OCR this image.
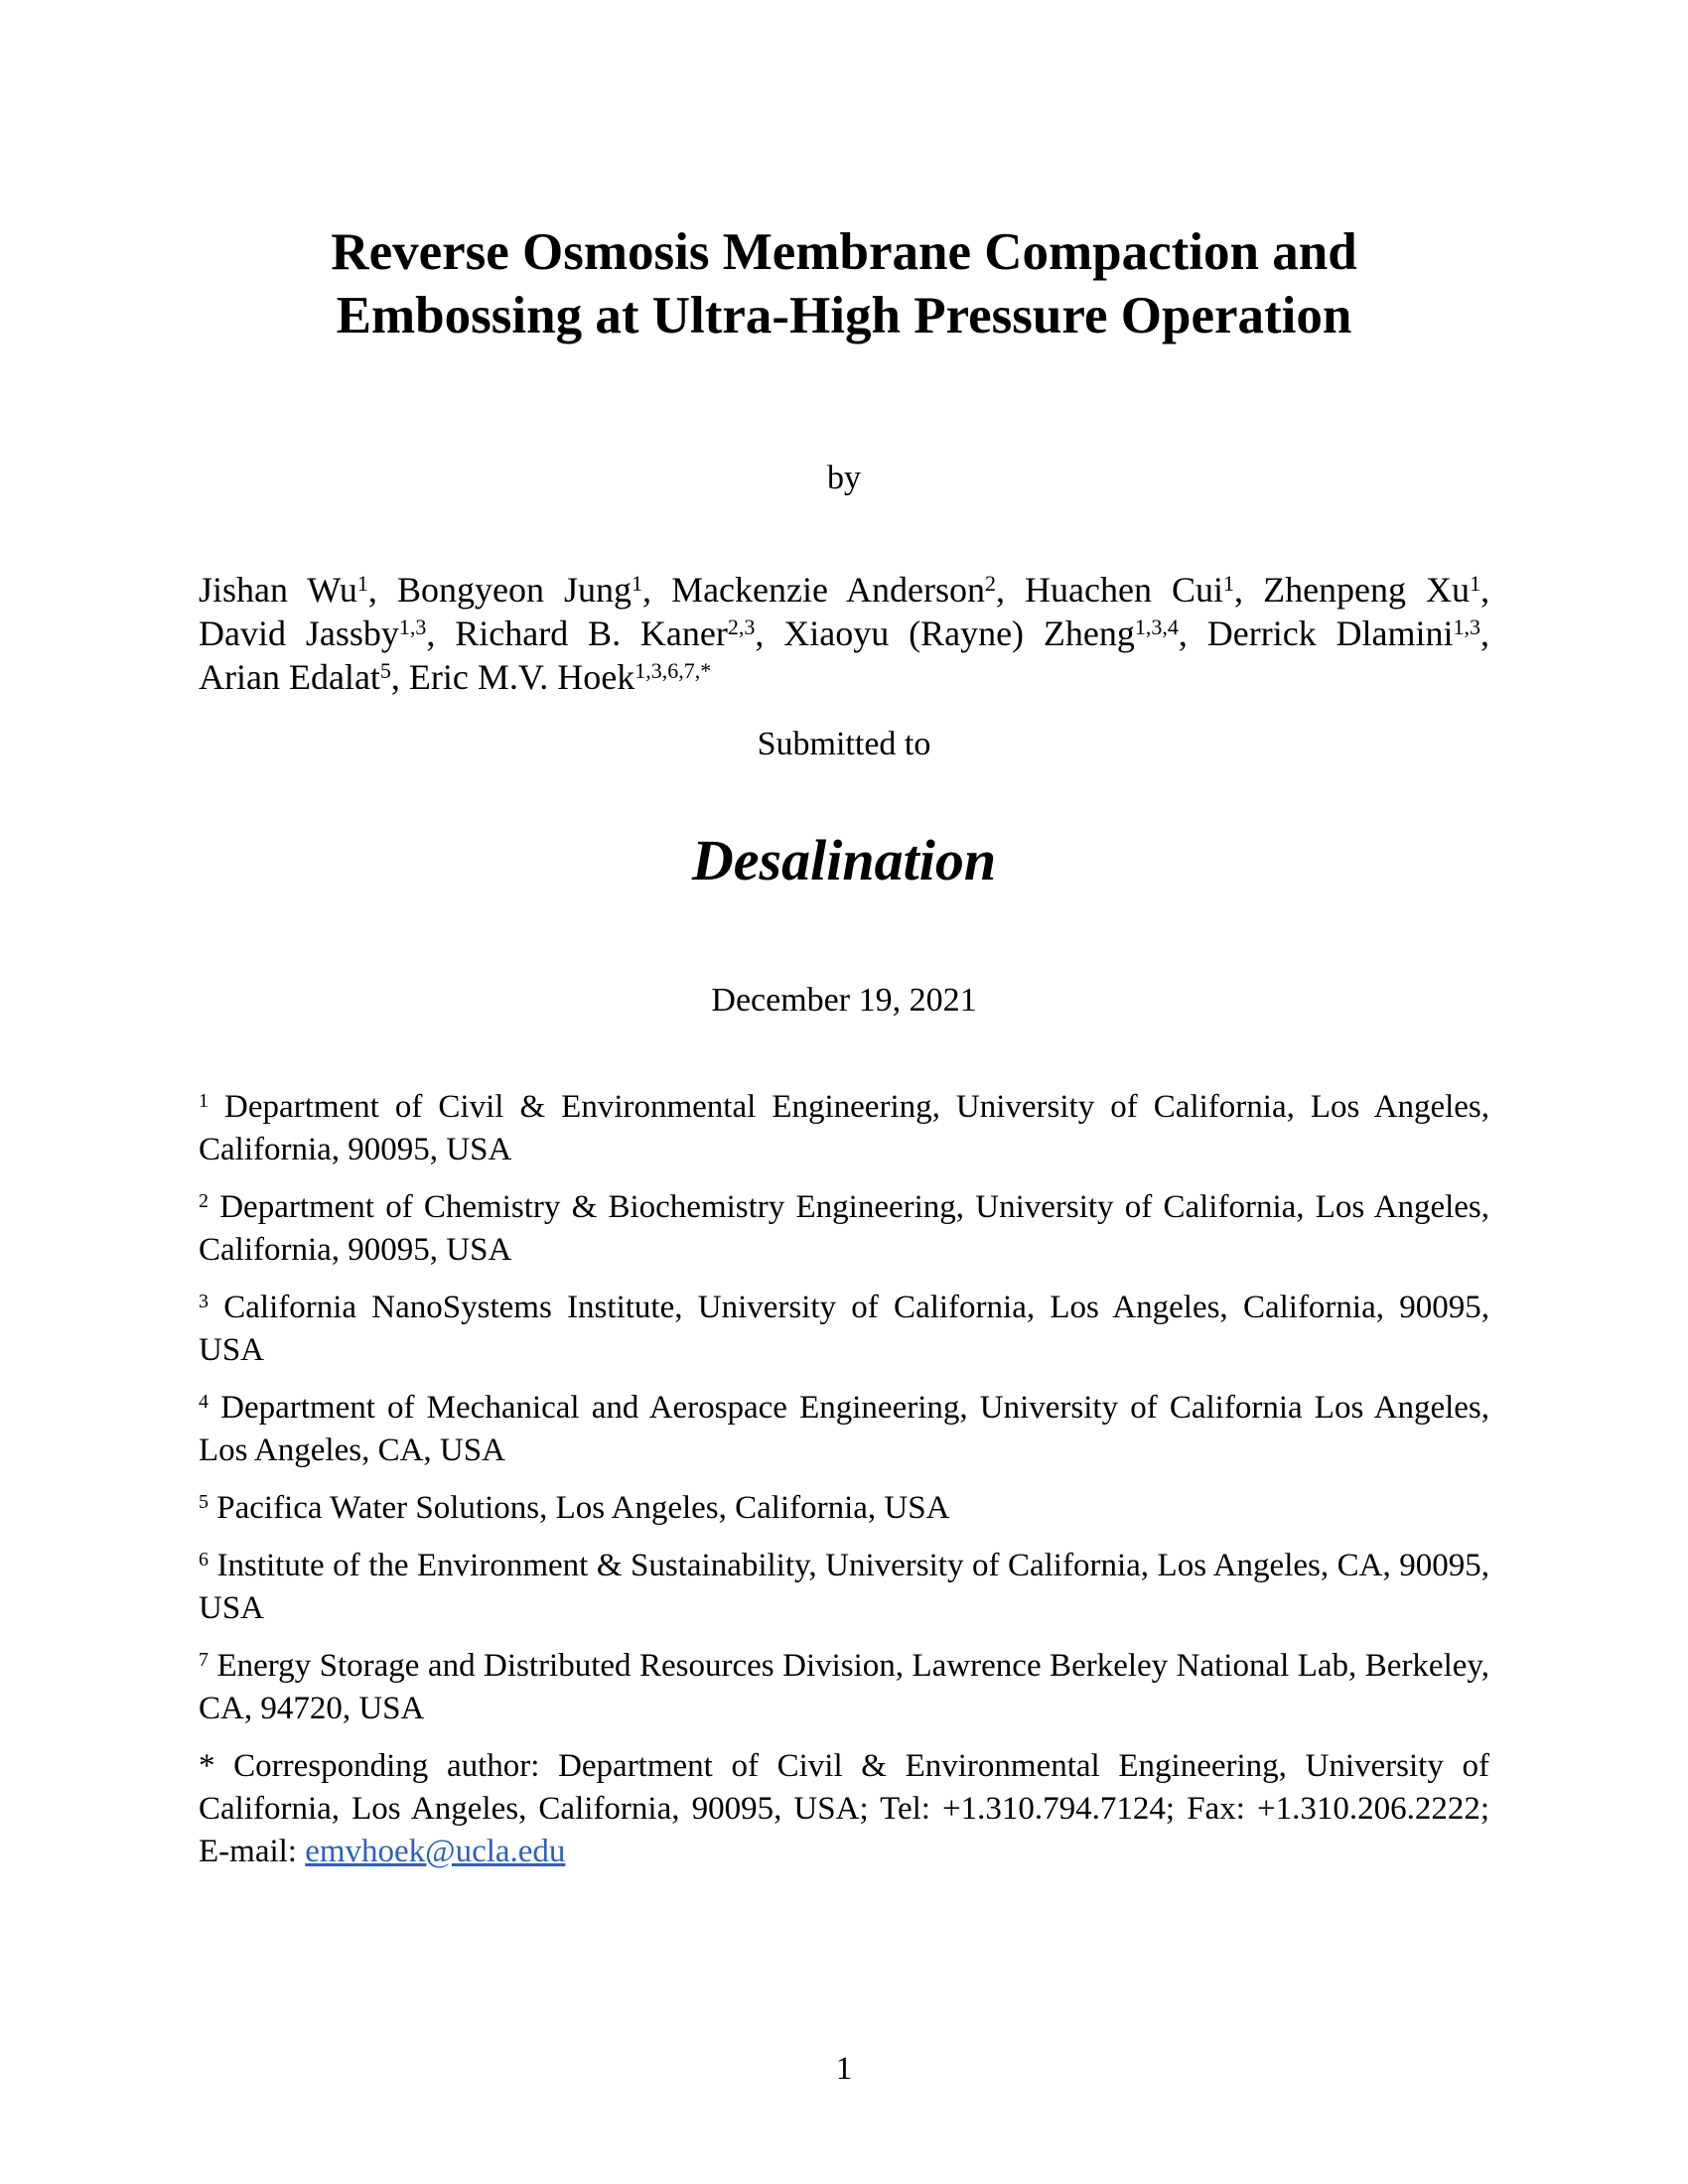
Reverse Osmosis Membrane Compaction and
Embossing at Ultra-High Pressure Operation
by
Jishan Wu$^1$, Bongyeon Jung$^1$, Mackenzie Anderson$^2$, Huachen Cui$^1$, Zhenpeng Xu$^1$,
David Jassby$^{1,3}$, Richard B. Kaner$^{2,3}$, Xiaoyu (Rayne) Zheng$^{1,3,4}$, Derrick Dlamini$^{1,3}$,
Arian Edalat$^5$, Eric M.V. Hoek$^{1,3,6,7,*}$
Submitted to
Desalination
December 19, 2021

$^1$ Department of Civil & Environmental Engineering, University of California, Los Angeles, California, 90095, USA

$^2$ Department of Chemistry & Biochemistry Engineering, University of California, Los Angeles, California, 90095, USA

$^3$ California NanoSystems Institute, University of California, Los Angeles, California, 90095, USA

$^4$ Department of Mechanical and Aerospace Engineering, University of California Los Angeles, Los Angeles, CA, USA

$^5$ Pacifica Water Solutions, Los Angeles, California, USA

$^6$ Institute of the Environment & Sustainability, University of California, Los Angeles, CA, 90095, USA

$^7$ Energy Storage and Distributed Resources Division, Lawrence Berkeley National Lab, Berkeley, CA, 94720, USA

* Corresponding author: Department of Civil & Environmental Engineering, University of California, Los Angeles, California, 90095, USA; Tel: +1.310.794.7124; Fax: +1.310.206.2222; E-mail: emvhoek@ucla.edu

1
